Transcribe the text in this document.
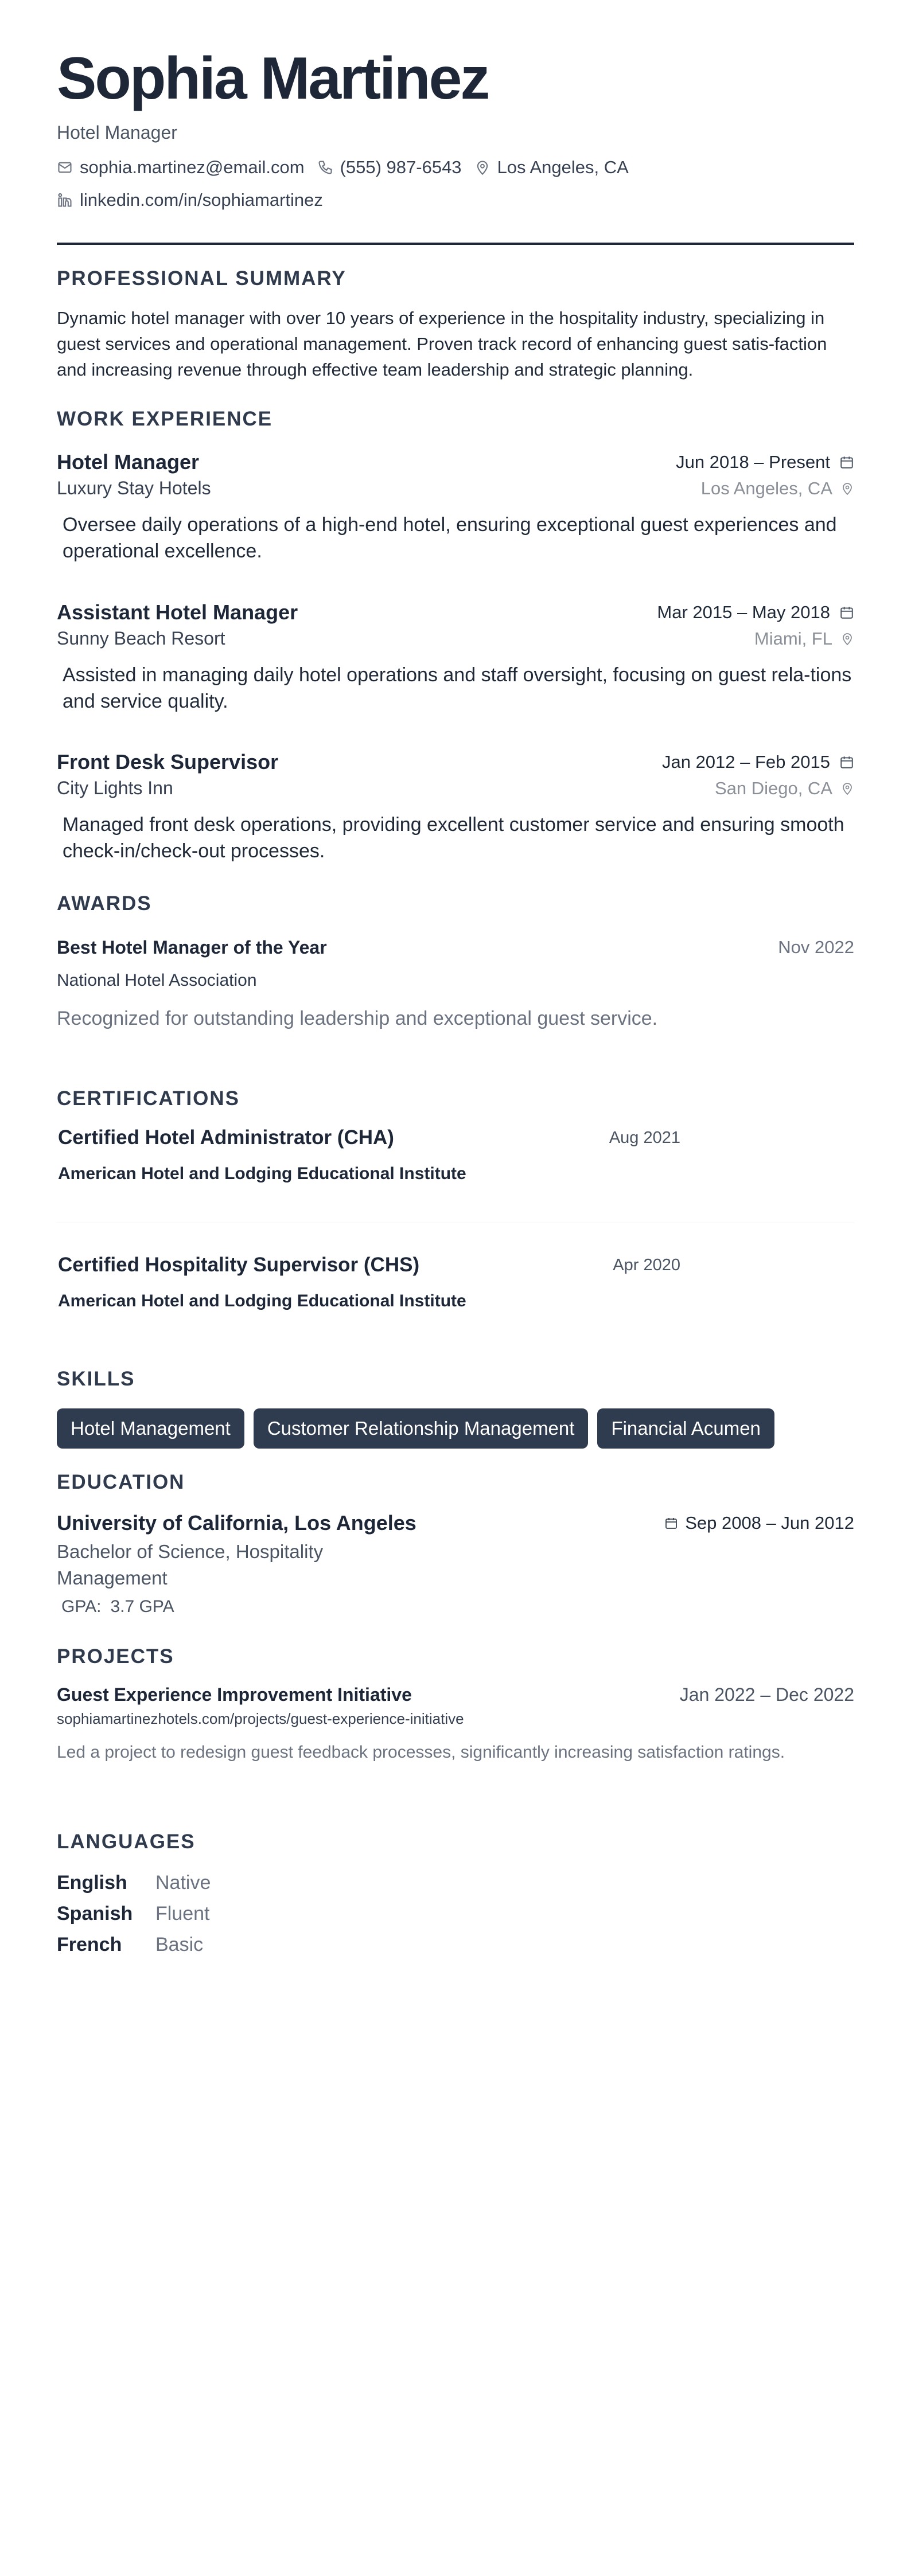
Sophia Martinez
Hotel Manager
sophia.martinez@email.com (555) 987-6543 Los Angeles, CA
linkedin.com/in/sophiamartinez
PROFESSIONAL SUMMARY
Dynamic hotel manager with over 10 years of experience in the hospitality industry, specializing in guest services and operational management. Proven track record of enhancing guest satis-faction and increasing revenue through effective team leadership and strategic planning.
WORK EXPERIENCE
Hotel Manager	Jun 2018 – Present
Luxury Stay Hotels	Los Angeles, CA
Oversee daily operations of a high-end hotel, ensuring exceptional guest experiences and operational excellence.
Assistant Hotel Manager	Mar 2015 – May 2018
Sunny Beach Resort	Miami, FL
Assisted in managing daily hotel operations and staff oversight, focusing on guest rela-tions and service quality.
Front Desk Supervisor	Jan 2012 – Feb 2015
City Lights Inn	San Diego, CA
Managed front desk operations, providing excellent customer service and ensuring smooth check-in/check-out processes.
AWARDS
Best Hotel Manager of the Year	Nov 2022
National Hotel Association
Recognized for outstanding leadership and exceptional guest service.
CERTIFICATIONS
Certified Hotel Administrator (CHA)	Aug 2021
American Hotel and Lodging Educational Institute
Certified Hospitality Supervisor (CHS)	Apr 2020
American Hotel and Lodging Educational Institute
SKILLS
Hotel Management	Customer Relationship Management	Financial Acumen
EDUCATION
University of California, Los Angeles	Sep 2008 – Jun 2012
Bachelor of Science, Hospitality Management
GPA: 3.7 GPA
PROJECTS
Guest Experience Improvement Initiative	Jan 2022 – Dec 2022
sophiamartinezhotels.com/projects/guest-experience-initiative
Led a project to redesign guest feedback processes, significantly increasing satisfaction ratings.
LANGUAGES
English	Native
Spanish	Fluent
French	Basic
